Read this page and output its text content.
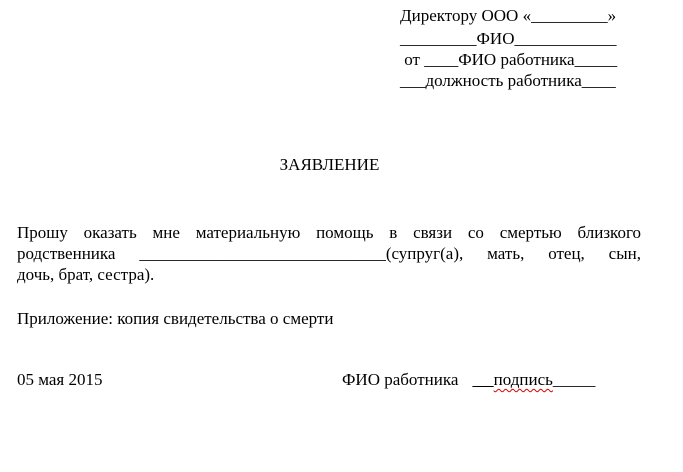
Директору ООО «_________»
_________ФИО____________
от ____ФИО работника_____
___должность работника____
ЗАЯВЛЕНИЕ
Прошу оказать мне материальную помощь в связи со смертью близкого
родственника _____________________________(супруг(а), мать, отец, сын,
дочь, брат, сестра).
Приложение: копия свидетельства о смерти
05 мая 2015	ФИО работника подпись_____
